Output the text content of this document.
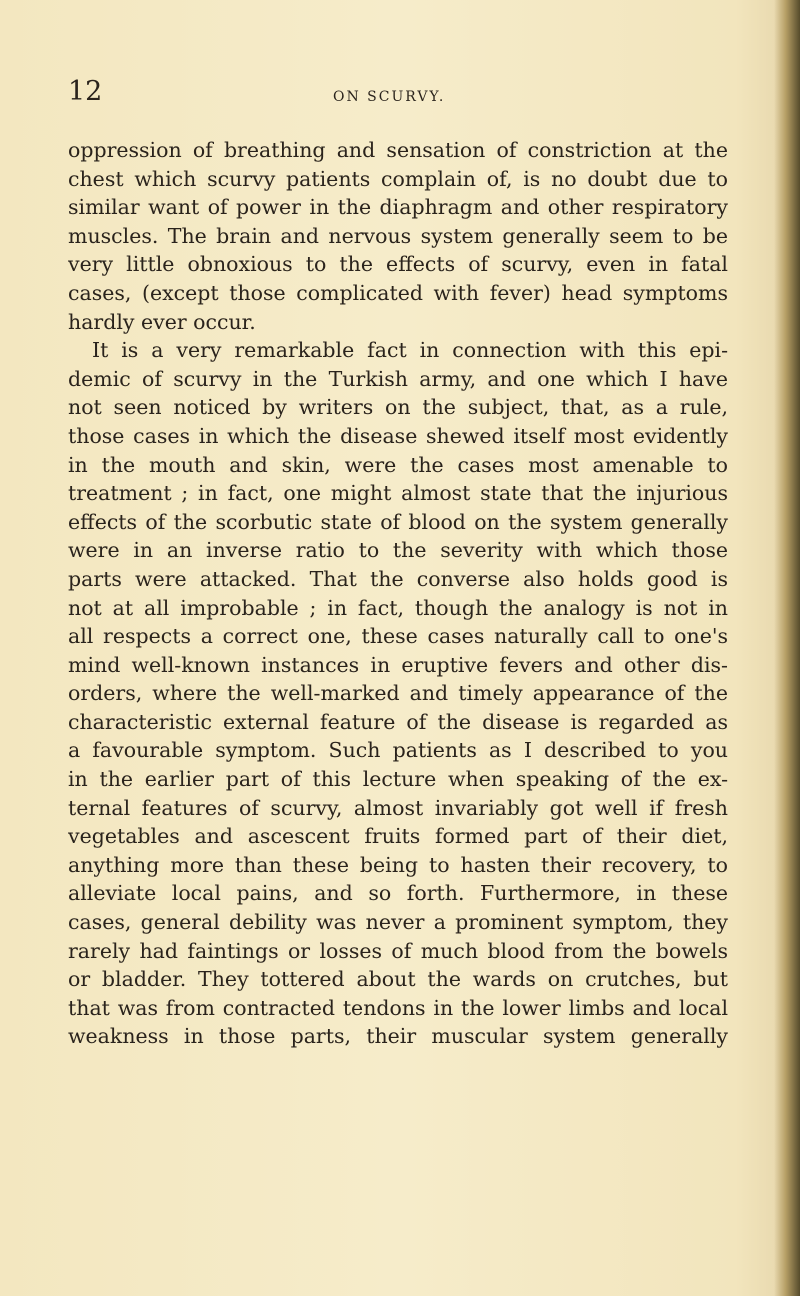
12	ON SCURVY.
oppression of breathing and sensation of constriction at the
chest which scurvy patients complain of, is no doubt due to
similar want of power in the diaphragm and other respiratory
muscles. The brain and nervous system generally seem to be
very little obnoxious to the effects of scurvy, even in fatal
cases, (except those complicated with fever) head symptoms
hardly ever occur.
It is a very remarkable fact in connection with this epi-
demic of scurvy in the Turkish army, and one which I have
not seen noticed by writers on the subject, that, as a rule,
those cases in which the disease shewed itself most evidently
in the mouth and skin, were the cases most amenable to
treatment ; in fact, one might almost state that the injurious
effects of the scorbutic state of blood on the system generally
were in an inverse ratio to the severity with which those
parts were attacked. That the converse also holds good is
not at all improbable ; in fact, though the analogy is not in
all respects a correct one, these cases naturally call to one's
mind well-known instances in eruptive fevers and other dis-
orders, where the well-marked and timely appearance of the
characteristic external feature of the disease is regarded as
a favourable symptom. Such patients as I described to you
in the earlier part of this lecture when speaking of the ex-
ternal features of scurvy, almost invariably got well if fresh
vegetables and ascescent fruits formed part of their diet,
anything more than these being to hasten their recovery, to
alleviate local pains, and so forth. Furthermore, in these
cases, general debility was never a prominent symptom, they
rarely had faintings or losses of much blood from the bowels
or bladder. They tottered about the wards on crutches, but
that was from contracted tendons in the lower limbs and local
weakness in those parts, their muscular system generally
